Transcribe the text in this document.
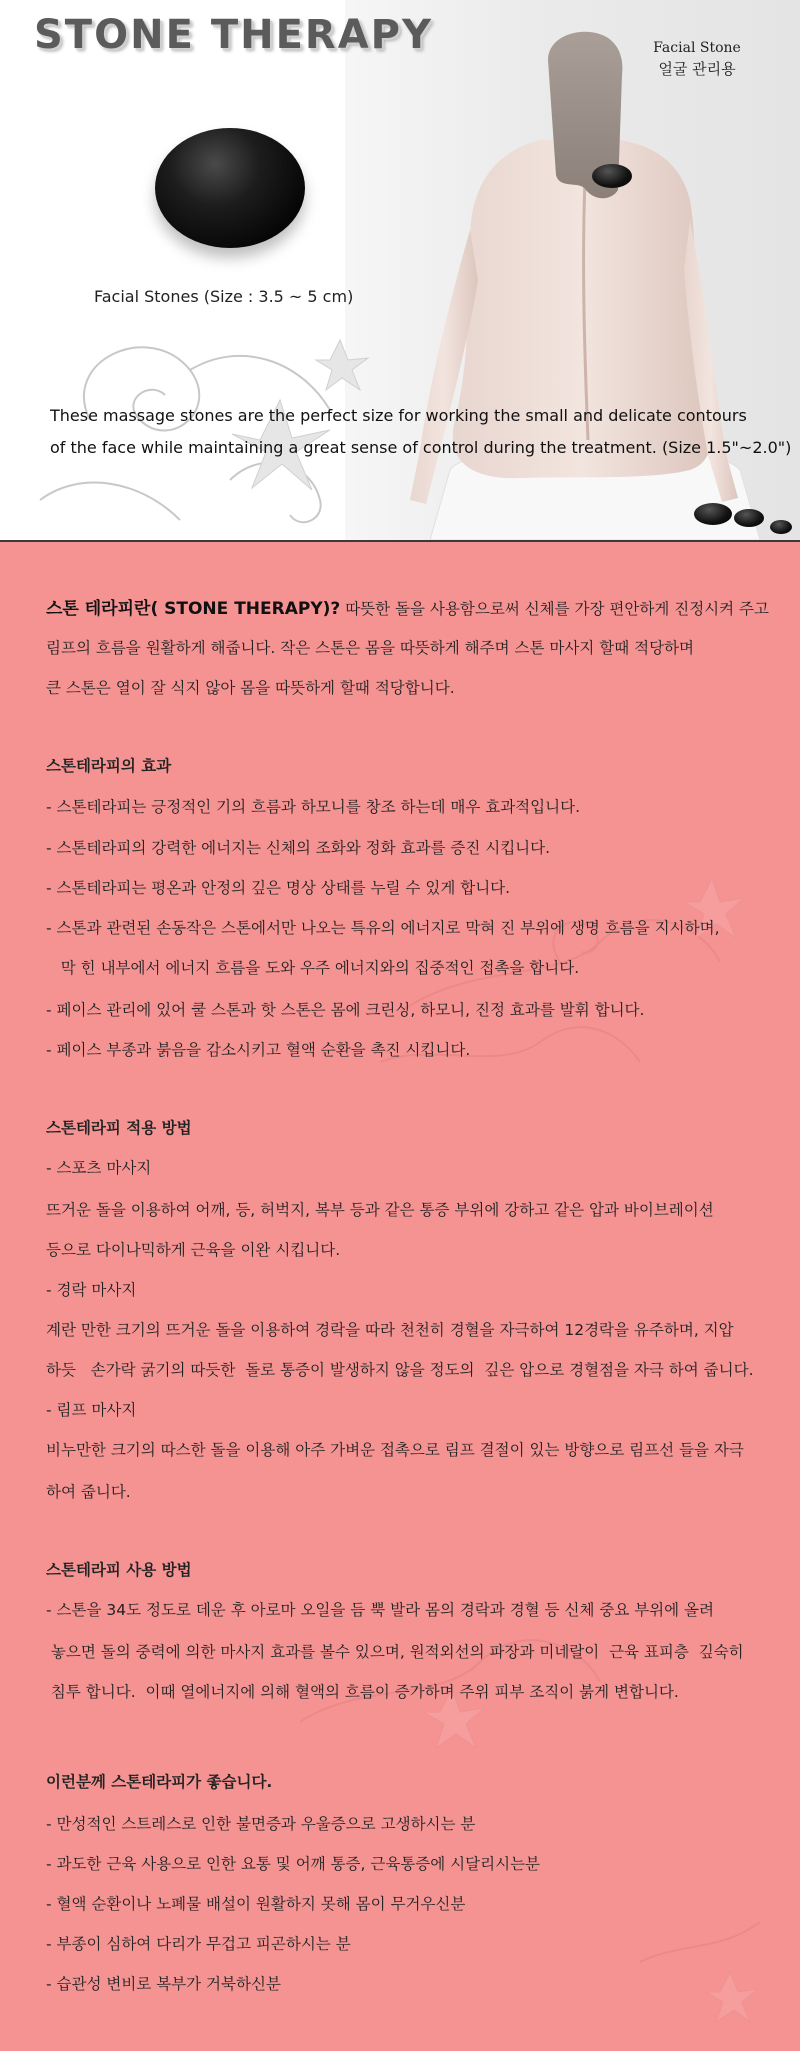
STONE THERAPY	Facial Stone
얼굴 관리용
Facial Stones (Size : 3.5 ~ 5 cm)
These massage stones are the perfect size for working the small and delicate contours
of the face while maintaining a great sense of control during the treatment. (Size 1.5"~2.0")
스톤 테라피란( STONE THERAPY)? 따뜻한 돌을 사용함으로써 신체를 가장 편안하게 진정시켜 주고
림프의 흐름을 원활하게 해줍니다. 작은 스톤은 몸을 따뜻하게 해주며 스톤 마사지 할때 적당하며
큰 스톤은 열이 잘 식지 않아 몸을 따뜻하게 할때 적당합니다.
스톤테라피의 효과
- 스톤테라피는 긍정적인 기의 흐름과 하모니를 창조 하는데 매우 효과적입니다.
- 스톤테라피의 강력한 에너지는 신체의 조화와 정화 효과를 증진 시킵니다.
- 스톤테라피는 평온과 안정의 깊은 명상 상태를 누릴 수 있게 합니다.
- 스톤과 관련된 손동작은 스톤에서만 나오는 특유의 에너지로 막혀 진 부위에 생명 흐름을 지시하며,
막 힌 내부에서 에너지 흐름을 도와 우주 에너지와의 집중적인 접촉을 합니다.
- 페이스 관리에 있어 쿨 스톤과 핫 스톤은 몸에 크린싱, 하모니, 진정 효과를 발휘 합니다.
- 페이스 부종과 붉음을 감소시키고 혈액 순환을 촉진 시킵니다.
스톤테라피 적용 방법
- 스포츠 마사지
뜨거운 돌을 이용하여 어깨, 등, 허벅지, 복부 등과 같은 통증 부위에 강하고 같은 압과 바이브레이션
등으로 다이나믹하게 근육을 이완 시킵니다.
- 경락 마사지
계란 만한 크기의 뜨거운 돌을 이용하여 경락을 따라 천천히 경혈을 자극하여 12경락을 유주하며, 지압
하듯   손가락 굵기의 따듯한  돌로 통증이 발생하지 않을 정도의  깊은 압으로 경혈점을 자극 하여 줍니다.
- 림프 마사지
비누만한 크기의 따스한 돌을 이용해 아주 가벼운 접촉으로 림프 결절이 있는 방향으로 림프선 들을 자극
하여 줍니다.
스톤테라피 사용 방법
- 스톤을 34도 정도로 데운 후 아로마 오일을 듬 뿍 발라 몸의 경락과 경혈 등 신체 중요 부위에 올려
놓으면 돌의 중력에 의한 마사지 효과를 볼수 있으며, 원적외선의 파장과 미네랄이  근육 표피층  깊숙히
침투 합니다.  이때 열에너지에 의해 혈액의 흐름이 증가하며 주위 피부 조직이 붉게 변합니다.
이런분께 스톤테라피가 좋습니다.
- 만성적인 스트레스로 인한 불면증과 우울증으로 고생하시는 분
- 과도한 근육 사용으로 인한 요통 및 어깨 통증, 근육통증에 시달리시는분
- 혈액 순환이나 노폐물 배설이 원활하지 못해 몸이 무거우신분
- 부종이 심하여 다리가 무겁고 피곤하시는 분
- 습관성 변비로 복부가 거북하신분
